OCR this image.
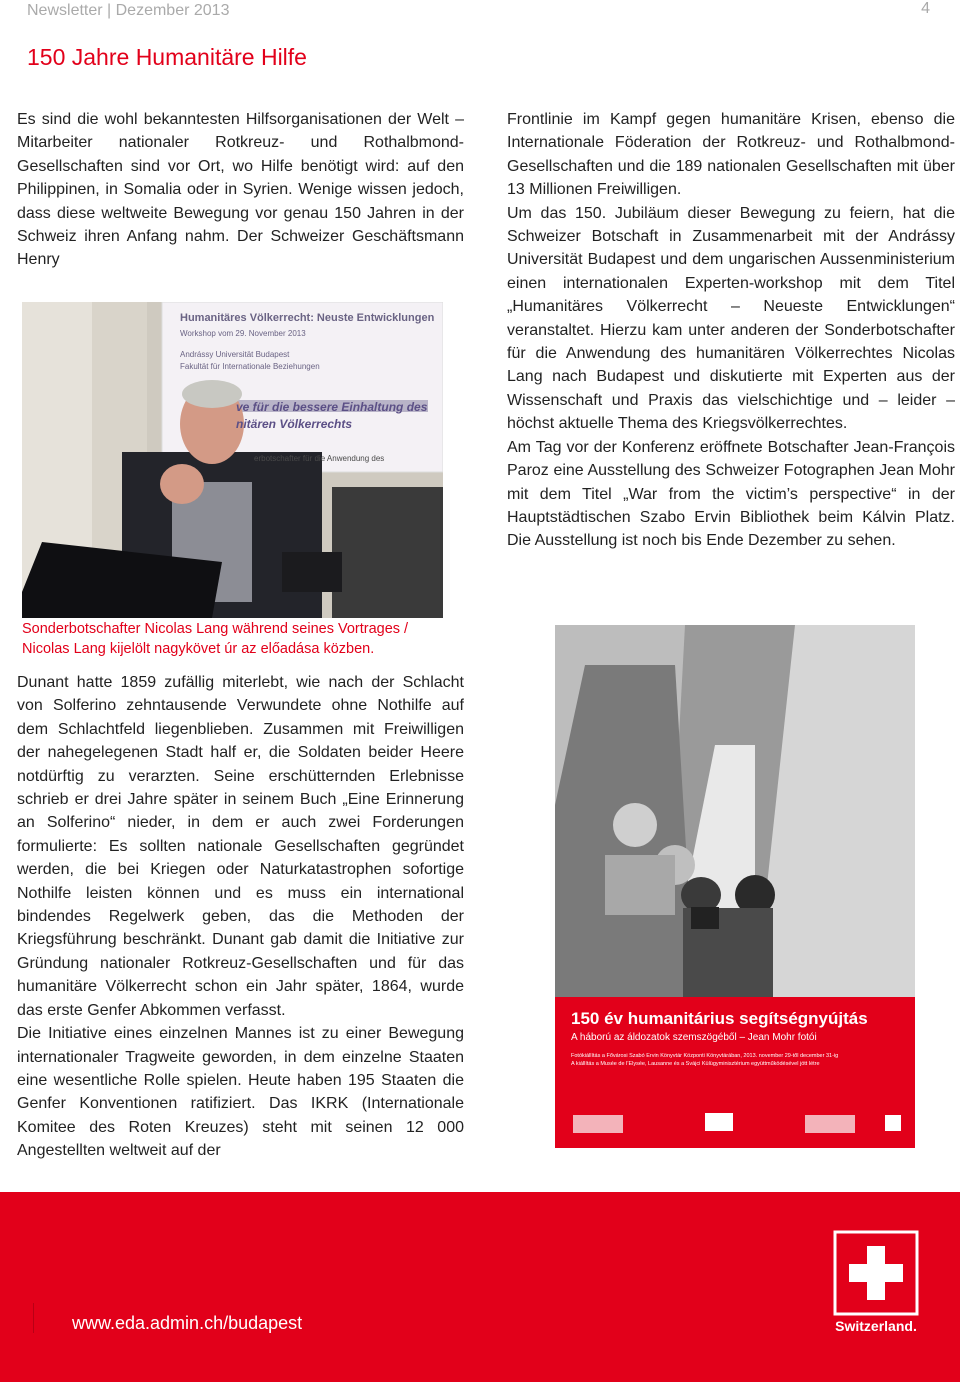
Newsletter | Dezember 2013	4
150 Jahre Humanitäre Hilfe

Es sind die wohl bekanntesten Hilfsorganisationen der Welt – Mitarbeiter nationaler Rotkreuz- und Rothalbmond-Gesellschaften sind vor Ort, wo Hilfe benötigt wird: auf den Philippinen, in Somalia oder in Syrien. Wenige wissen jedoch, dass diese weltweite Bewegung vor genau 150 Jahren in der Schweiz ihren Anfang nahm. Der Schweizer Geschäftsmann Henry

Humanitäres Völkerrecht: Neuste Entwicklungen
Workshop vom 29. November 2013
Andrássy Universität Budapest
Fakultät für Internationale Beziehungen
ve für die bessere Einhaltung des
nitären Völkerrechts
erbotschafter für die Anwendung des

Sonderbotschafter Nicolas Lang während seines Vortrages /

Nicolas Lang kijelölt nagykövet úr az előadása közben.

Dunant hatte 1859 zufällig miterlebt, wie nach der Schlacht von Solferino zehntausende Verwundete ohne Nothilfe auf dem Schlachtfeld liegenblieben. Zusammen mit Freiwilligen der nahegelegenen Stadt half er, die Soldaten beider Heere notdürftig zu verarzten. Seine erschütternden Erlebnisse schrieb er drei Jahre später in seinem Buch „Eine Erinnerung an Solferino“ nieder, in dem er auch zwei Forderungen formulierte: Es sollten nationale Gesellschaften gegründet werden, die bei Kriegen oder Naturkatastrophen sofortige Nothilfe leisten können und es muss ein international bindendes Regelwerk geben, das die Methoden der Kriegsführung beschränkt. Dunant gab damit die Initiative zur Gründung nationaler Rotkreuz-Gesellschaften und für das humanitäre Völkerrecht schon ein Jahr später, 1864, wurde das erste Genfer Abkommen verfasst.

Die Initiative eines einzelnen Mannes ist zu einer Bewegung internationaler Tragweite geworden, in dem einzelne Staaten eine wesentliche Rolle spielen. Heute haben 195 Staaten die Genfer Konventionen ratifiziert. Das IKRK (Internationale Komitee des Roten Kreuzes) steht mit seinen 12 000 Angestellten weltweit auf der

Frontlinie im Kampf gegen humanitäre Krisen, ebenso die Internationale Föderation der Rotkreuz- und Rothalbmond-Gesellschaften und die 189 nationalen Gesellschaften mit über 13 Millionen Freiwilligen.

Um das 150. Jubiläum dieser Bewegung zu feiern, hat die Schweizer Botschaft in Zusammenarbeit mit der Andrássy Universität Budapest und dem ungarischen Aussenministerium einen internationalen Experten-workshop mit dem Titel „Humanitäres Völkerrecht – Neueste Entwicklungen“ veranstaltet. Hierzu kam unter anderen der Sonderbotschafter für die Anwendung des humanitären Völkerrechtes Nicolas Lang nach Budapest und diskutierte mit Experten aus der Wissenschaft und Praxis das vielschichtige und – leider – höchst aktuelle Thema des Kriegsvölkerrechtes.

Am Tag vor der Konferenz eröffnete Botschafter Jean-François Paroz eine Ausstellung des Schweizer Fotographen Jean Mohr mit dem Titel „War from the victim’s perspective“ in der Hauptstädtischen Szabo Ervin Bibliothek beim Kálvin Platz. Die Ausstellung ist noch bis Ende Dezember zu sehen.

150 év humanitárius segítségnyújtás
A háború az áldozatok szemszögéből – Jean Mohr fotói
Fotókiállítás a Fővárosi Szabó Ervin Könyvtár Központi Könyvtárában, 2013. november 29-től december 31-ig
A kiállítás a Musée de l’Elysée, Lausanne és a Svájci Külügyminisztérium együttműködésével jött létre
www.eda.admin.ch/budapest	Switzerland.
